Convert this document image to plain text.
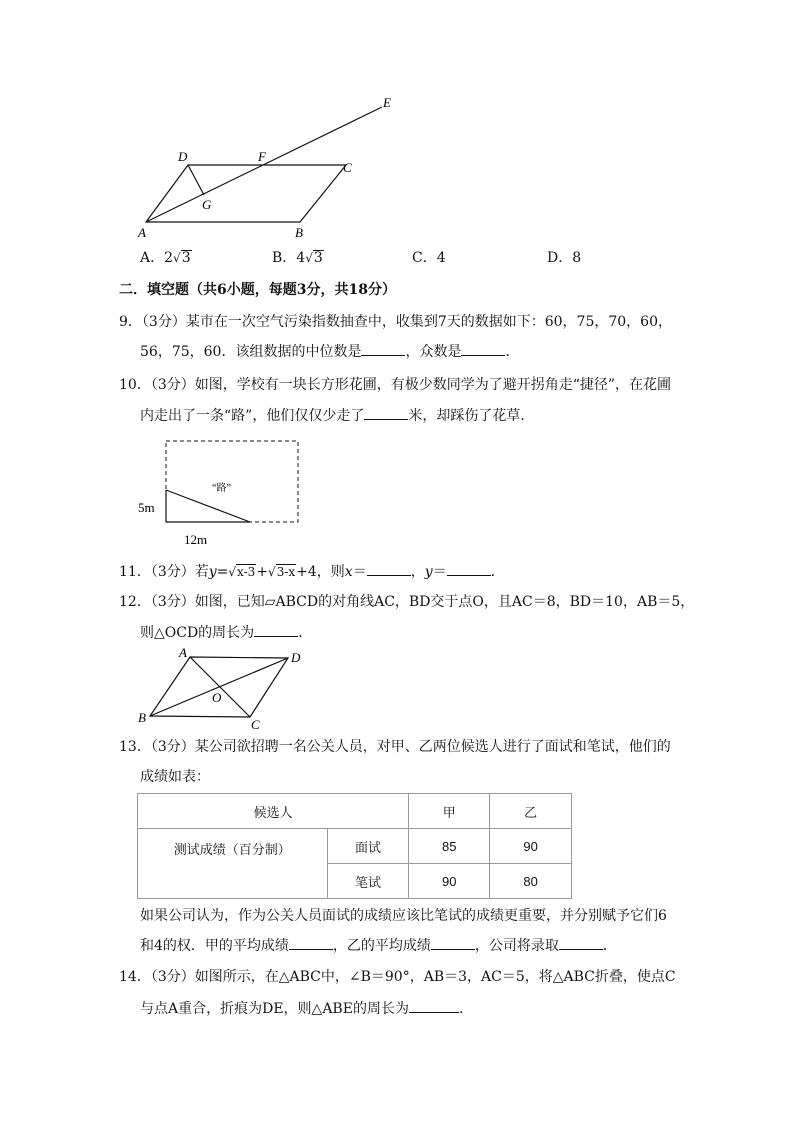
E
D	F
C
G
A	B
A．2√3	B．4√3	C．4	D．8
二．填空题（共6小题，每题3分，共18分）
9．（3分）某市在一次空气污染指数抽查中，收集到7天的数据如下：60，75，70，60，
56，75，60．该组数据的中位数是	，众数是	．
10．（3分）如图，学校有一块长方形花圃，有极少数同学为了避开拐角走“捷径”，在花圃
内走出了一条“路”，他们仅仅少走了	米，却踩伤了花草．
“路”
5m
12m
11．（3分）若y=√x-3+√3-x+4，则x＝	，y＝	．
12．（3分）如图，已知▱ABCD的对角线AC，BD交于点O，且AC＝8，BD＝10，AB＝5，
则△OCD的周长为	．
A	D
O
B	C
13．（3分）某公司欲招聘一名公关人员，对甲、乙两位候选人进行了面试和笔试，他们的
成绩如表：
候选人		甲	乙
测试成绩（百分制）	面试	85	90
	笔试	90	80
如果公司认为，作为公关人员面试的成绩应该比笔试的成绩更重要，并分别赋予它们6
和4的权．甲的平均成绩	，乙的平均成绩	，公司将录取	．
14．（3分）如图所示，在△ABC中，∠B＝90°，AB＝3，AC＝5，将△ABC折叠，使点C
与点A重合，折痕为DE，则△ABE的周长为	．
